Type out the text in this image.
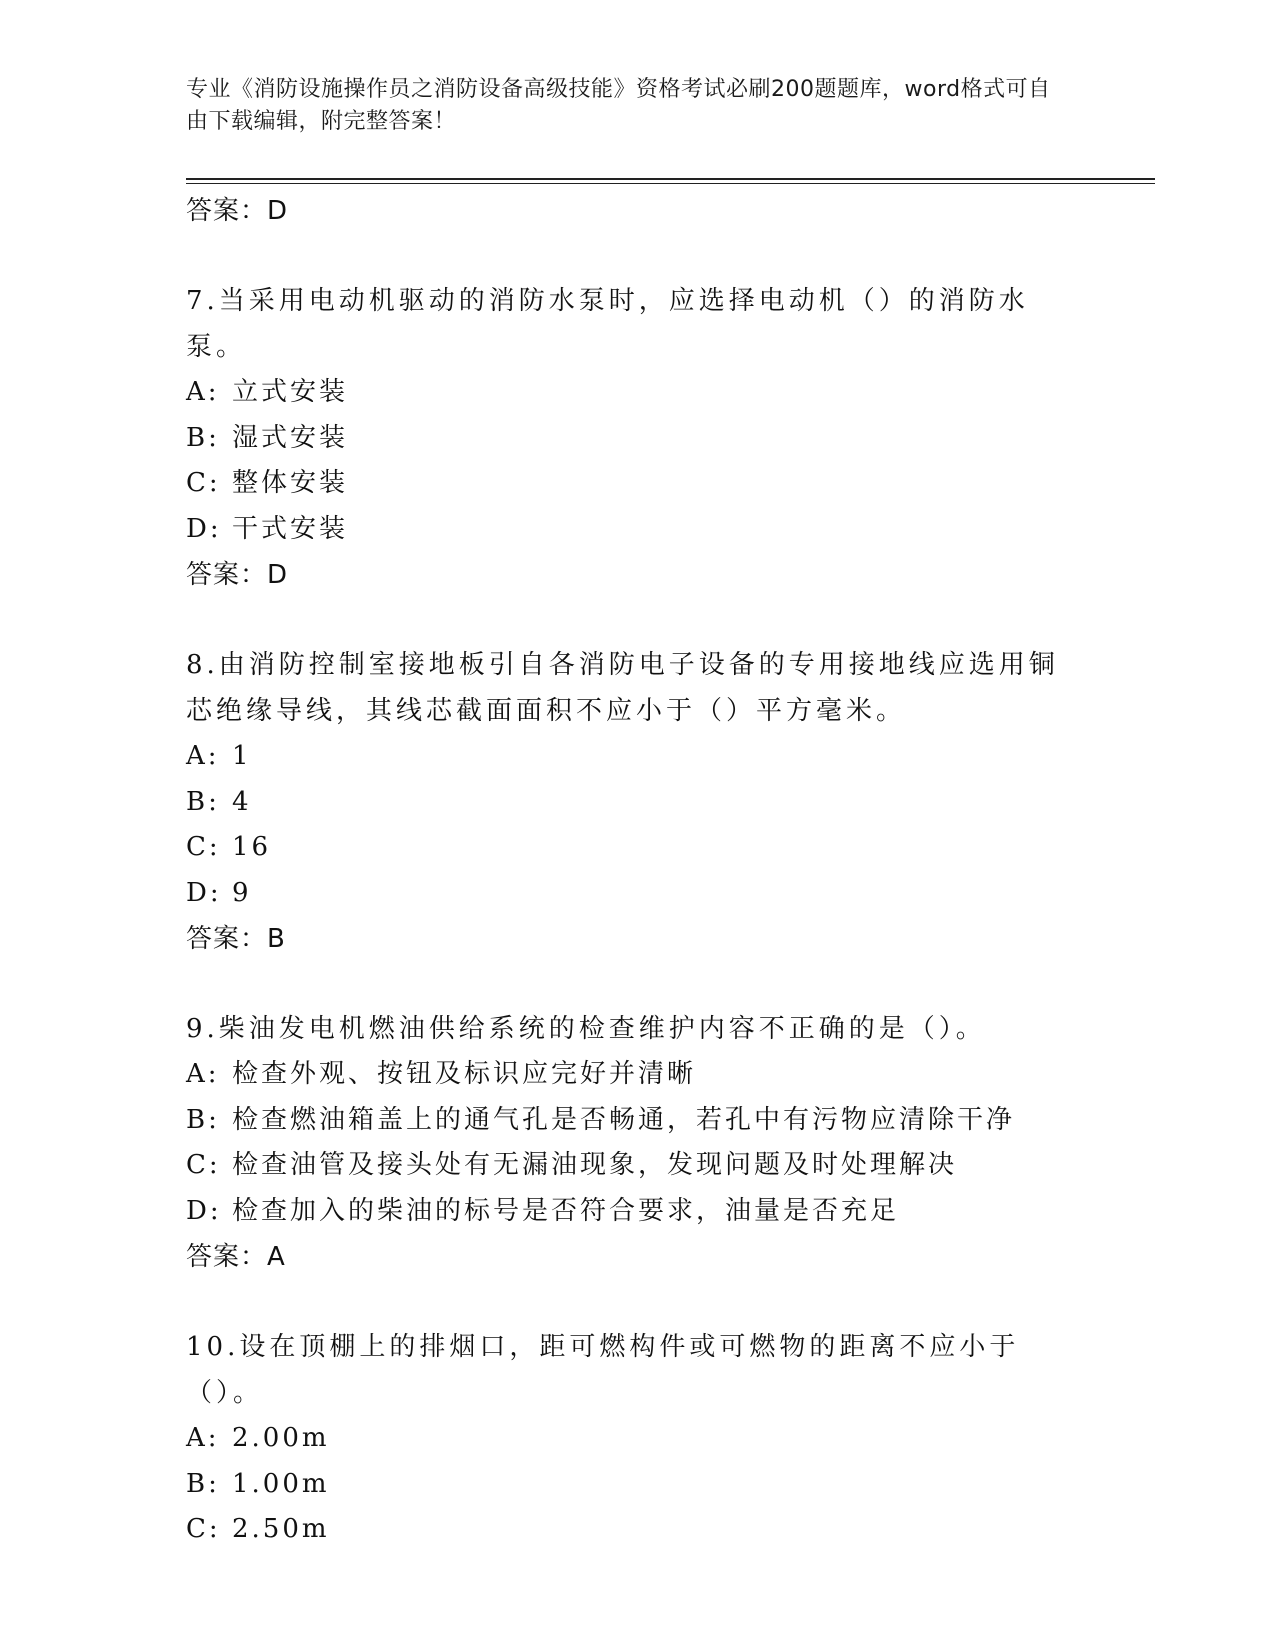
专业《消防设施操作员之消防设备高级技能》资格考试必刷200题题库，word格式可自由下载编辑，附完整答案！
答案：D
7.当采用电动机驱动的消防水泵时，应选择电动机（）的消防水泵。
A: 立式安装
B: 湿式安装
C: 整体安装
D: 干式安装
答案：D
8.由消防控制室接地板引自各消防电子设备的专用接地线应选用铜芯绝缘导线，其线芯截面面积不应小于（）平方毫米。
A: 1
B: 4
C: 16
D: 9
答案：B
9.柴油发电机燃油供给系统的检查维护内容不正确的是（）。
A: 检查外观、按钮及标识应完好并清晰
B: 检查燃油箱盖上的通气孔是否畅通，若孔中有污物应清除干净
C: 检查油管及接头处有无漏油现象，发现问题及时处理解决
D: 检查加入的柴油的标号是否符合要求，油量是否充足
答案：A
10.设在顶棚上的排烟口，距可燃构件或可燃物的距离不应小于（）。
A: 2.00m
B: 1.00m
C: 2.50m
